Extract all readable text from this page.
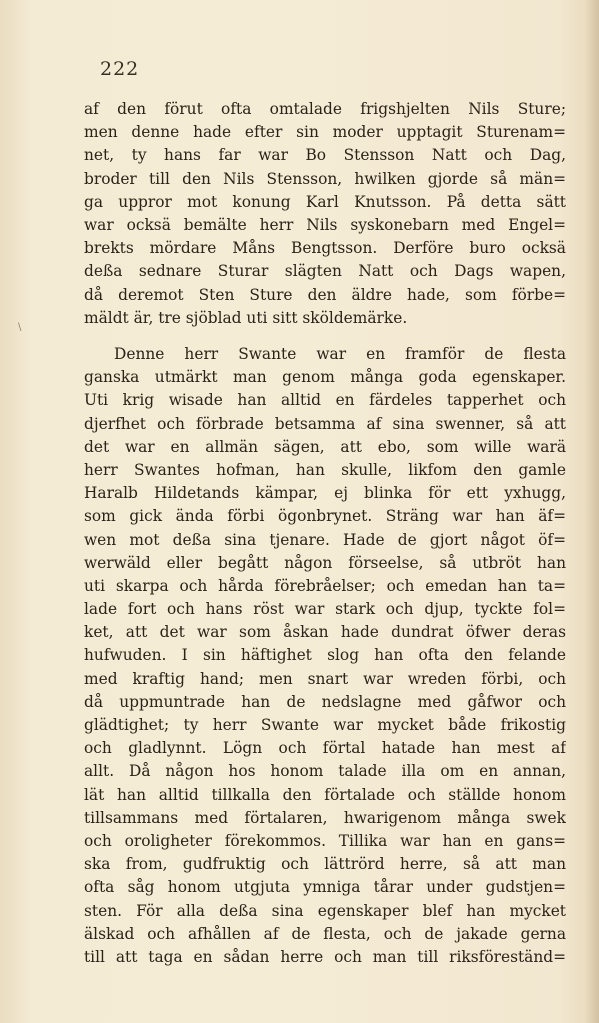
222
\
af den förut ofta omtalade frigshjelten Nils Sture;
men denne hade efter sin moder upptagit Sturenam=
net, ty hans far war Bo Stensson Natt och Dag,
broder till den Nils Stensson, hwilken gjorde så män=
ga uppror mot konung Karl Knutsson. På detta sätt
war ocksä bemälte herr Nils syskonebarn med Engel=
brekts mördare Måns Bengtsson. Derföre buro ocksä
deßa sednare Sturar slägten Natt och Dags wapen,
då deremot Sten Sture den äldre hade, som förbe=
mäldt är, tre sjöblad uti sitt sköldemärke.
Denne herr Swante war en framför de flesta
ganska utmärkt man genom många goda egenskaper.
Uti krig wisade han alltid en färdeles tapperhet och
djerfhet och förbrade betsamma af sina swenner, så att
det war en allmän sägen, att ebo, som wille warä
herr Swantes hofman, han skulle, likfom den gamle
Haralb Hildetands kämpar, ej blinka för ett yxhugg,
som gick ända förbi ögonbrynet. Sträng war han äf=
wen mot deßa sina tjenare. Hade de gjort något öf=
werwäld eller begått någon förseelse, så utbröt han
uti skarpa och hårda förebråelser; och emedan han ta=
lade fort och hans röst war stark och djup, tyckte fol=
ket, att det war som åskan hade dundrat öfwer deras
hufwuden. I sin häftighet slog han ofta den felande
med kraftig hand; men snart war wreden förbi, och
då uppmuntrade han de nedslagne med gåfwor och
glädtighet; ty herr Swante war mycket både frikostig
och gladlynnt. Lögn och förtal hatade han mest af
allt. Då någon hos honom talade illa om en annan,
lät han alltid tillkalla den förtalade och ställde honom
tillsammans med förtalaren, hwarigenom många swek
och oroligheter förekommos. Tillika war han en gans=
ska from, gudfruktig och lättrörd herre, så att man
ofta såg honom utgjuta ymniga tårar under gudstjen=
sten. För alla deßa sina egenskaper blef han mycket
älskad och afhållen af de flesta, och de jakade gerna
till att taga en sådan herre och man till riksföreständ=
